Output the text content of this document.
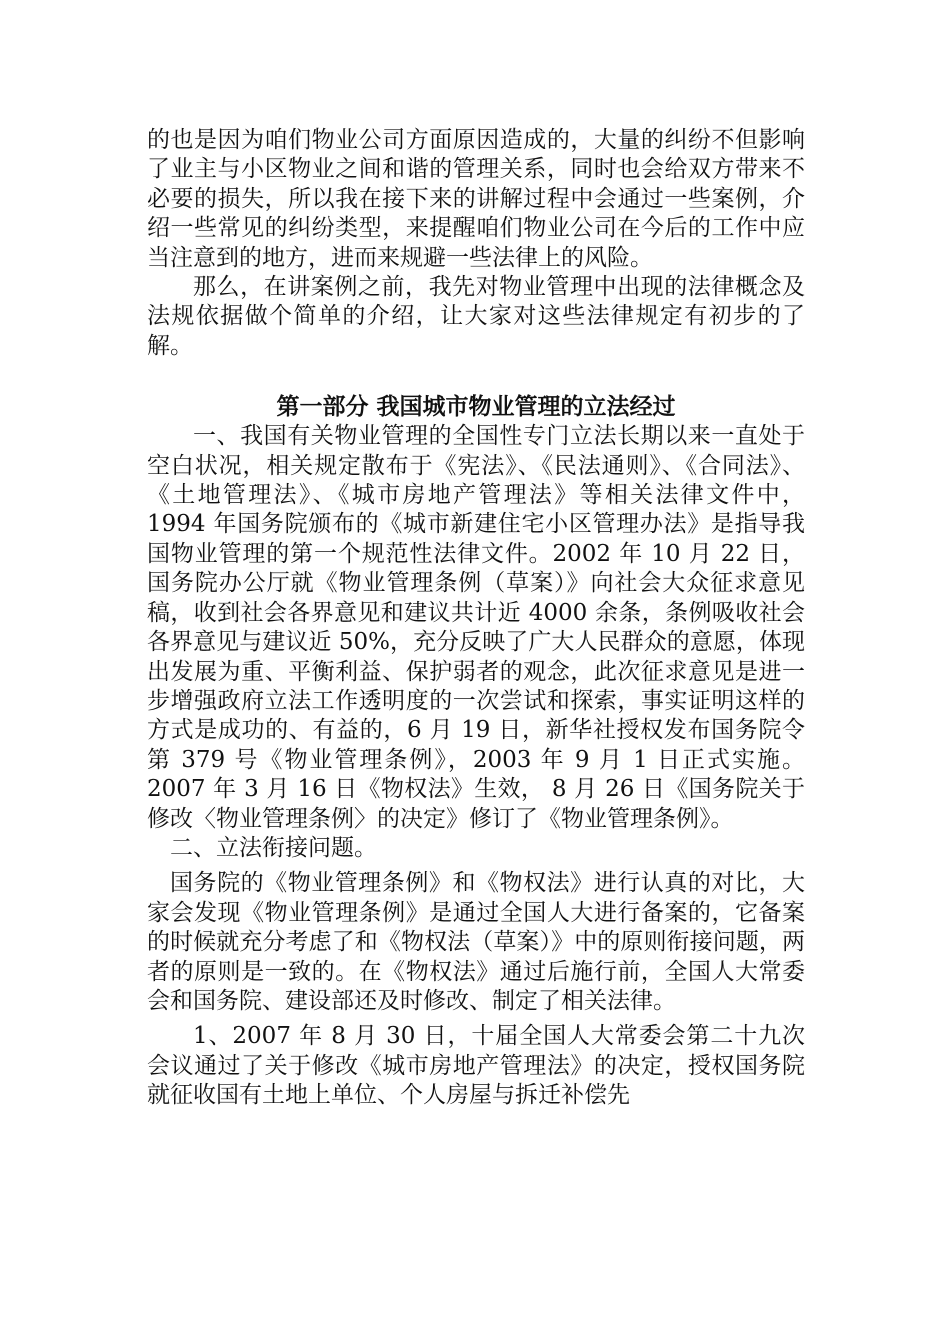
的也是因为咱们物业公司方面原因造成的，大量的纠纷不但影响了业主与小区物业之间和谐的管理关系，同时也会给双方带来不必要的损失，所以我在接下来的讲解过程中会通过一些案例，介绍一些常见的纠纷类型，来提醒咱们物业公司在今后的工作中应当注意到的地方，进而来规避一些法律上的风险。

那么，在讲案例之前，我先对物业管理中出现的法律概念及法规依据做个简单的介绍，让大家对这些法律规定有初步的了解。

第一部分 我国城市物业管理的立法经过

一、我国有关物业管理的全国性专门立法长期以来一直处于空白状况，相关规定散布于《宪法》、《民法通则》、《合同法》、《土地管理法》、《城市房地产管理法》等相关法律文件中， 1994 年国务院颁布的《城市新建住宅小区管理办法》是指导我国物业管理的第一个规范性法律文件。2002 年 10 月 22 日，国务院办公厅就《物业管理条例（草案）》向社会大众征求意见稿，收到社会各界意见和建议共计近 4000 余条，条例吸收社会各界意见与建议近 50%，充分反映了广大人民群众的意愿，体现出发展为重、平衡利益、保护弱者的观念，此次征求意见是进一步增强政府立法工作透明度的一次尝试和探索，事实证明这样的方式是成功的、有益的，6 月 19 日，新华社授权发布国务院令第 379 号《物业管理条例》，2003 年 9 月 1 日正式实施。2007 年 3 月 16 日《物权法》生效， 8 月 26 日《国务院关于修改〈物业管理条例〉的决定》修订了《物业管理条例》。

二、立法衔接问题。

国务院的《物业管理条例》和《物权法》进行认真的对比，大家会发现《物业管理条例》是通过全国人大进行备案的，它备案的时候就充分考虑了和《物权法（草案）》中的原则衔接问题，两者的原则是一致的。在《物权法》通过后施行前，全国人大常委会和国务院、建设部还及时修改、制定了相关法律。

1、2007 年 8 月 30 日，十届全国人大常委会第二十九次会议通过了关于修改《城市房地产管理法》的决定，授权国务院就征收国有土地上单位、个人房屋与拆迁补偿先
